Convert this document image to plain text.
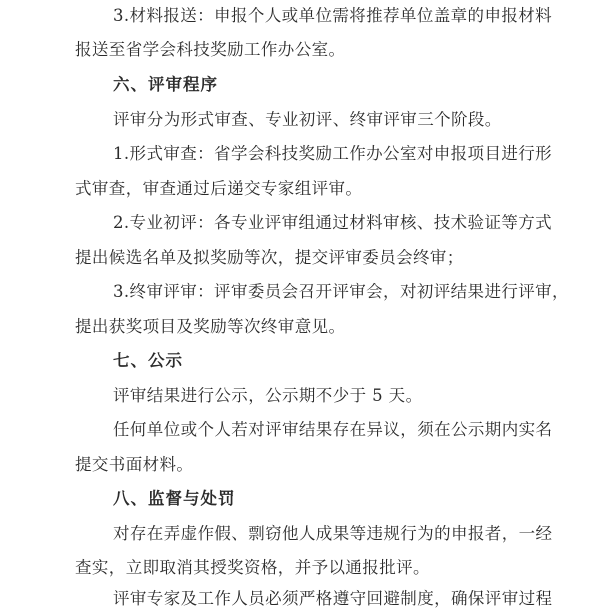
3.材料报送：申报个人或单位需将推荐单位盖章的申报材料
报送至省学会科技奖励工作办公室。
六、评审程序
评审分为形式审查、专业初评、终审评审三个阶段。
1.形式审查：省学会科技奖励工作办公室对申报项目进行形
式审查，审查通过后递交专家组评审。
2.专业初评：各专业评审组通过材料审核、技术验证等方式
提出候选名单及拟奖励等次，提交评审委员会终审；
3.终审评审：评审委员会召开评审会，对初评结果进行评审，
提出获奖项目及奖励等次终审意见。
七、公示
评审结果进行公示，公示期不少于 5 天。
任何单位或个人若对评审结果存在异议，须在公示期内实名
提交书面材料。
八、监督与处罚
对存在弄虚作假、剽窃他人成果等违规行为的申报者，一经
查实，立即取消其授奖资格，并予以通报批评。
评审专家及工作人员必须严格遵守回避制度，确保评审过程
